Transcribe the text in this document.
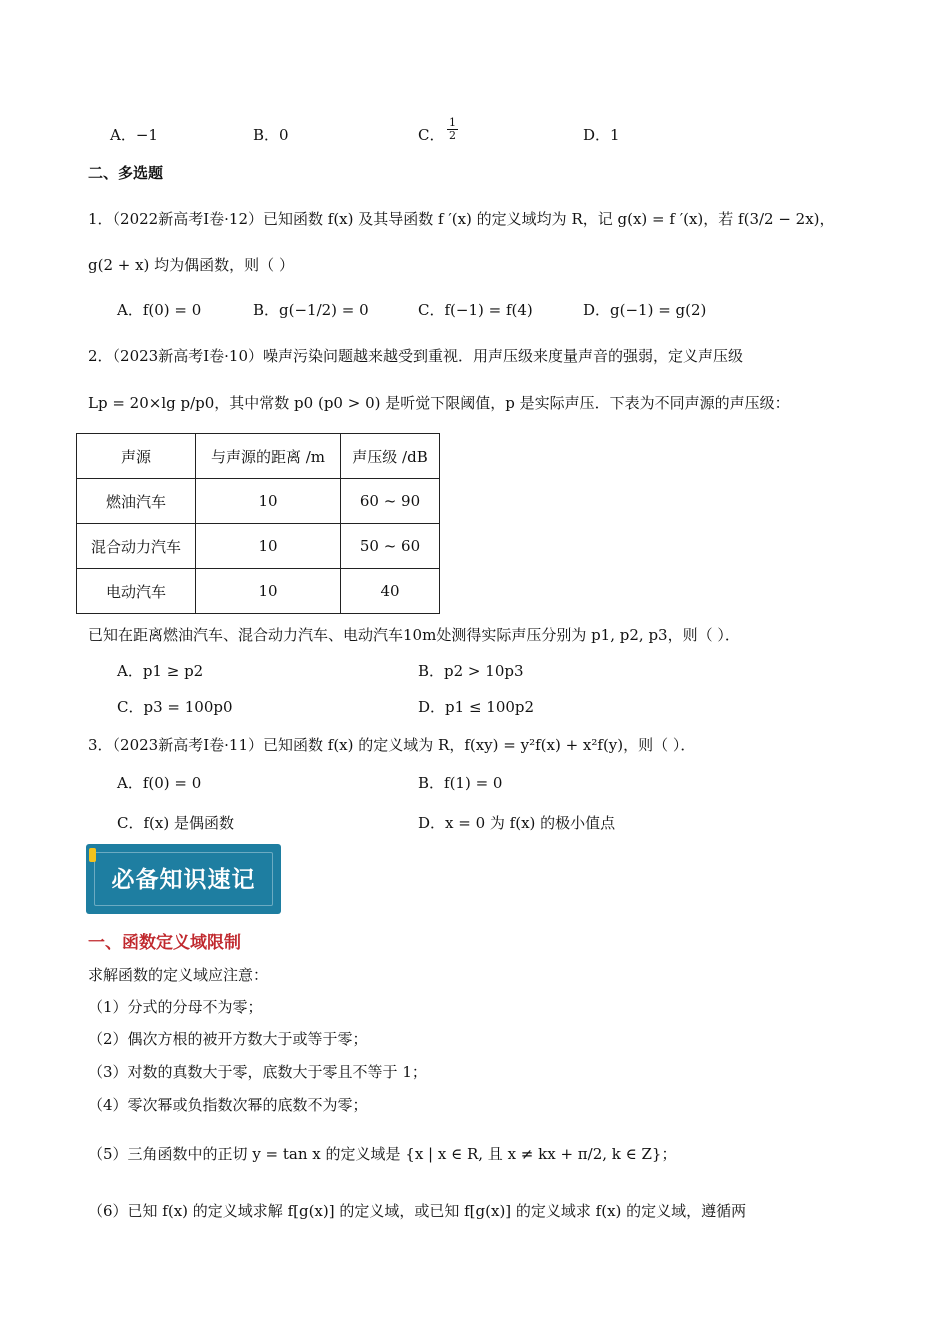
A．−1	B．0	C． $\frac{1}{2}$	D．1
二、多选题
1．（2022新高考Ⅰ卷·12）已知函数 f(x) 及其导函数 f ′(x) 的定义域均为 R，记 g(x) = f ′(x)，若 f(3/2 − 2x)，
g(2 + x) 均为偶函数，则（ ）
A．f(0) = 0	B．g(−1/2) = 0	C．f(−1) = f(4)	D．g(−1) = g(2)
2．（2023新高考Ⅰ卷·10）噪声污染问题越来越受到重视．用声压级来度量声音的强弱，定义声压级
Lp = 20×lg p/p0，其中常数 p0 (p0 > 0) 是听觉下限阈值，p 是实际声压．下表为不同声源的声压级：
声源	与声源的距离 /m	声压级 /dB
燃油汽车	10	60 ~ 90
混合动力汽车	10	50 ~ 60
电动汽车	10	40
已知在距离燃油汽车、混合动力汽车、电动汽车10m处测得实际声压分别为 p1, p2, p3，则（ ）．
A．p1 ≥ p2	B．p2 > 10p3
C．p3 = 100p0	D．p1 ≤ 100p2
3．（2023新高考Ⅰ卷·11）已知函数 f(x) 的定义域为 R，f(xy) = y²f(x) + x²f(y)，则（ ）．
A．f(0) = 0	B．f(1) = 0
C．f(x) 是偶函数	D．x = 0 为 f(x) 的极小值点
必备知识速记
一、函数定义域限制
求解函数的定义域应注意：
（1）分式的分母不为零；
（2）偶次方根的被开方数大于或等于零；
（3）对数的真数大于零，底数大于零且不等于 1；
（4）零次幂或负指数次幂的底数不为零；
（5）三角函数中的正切 y = tan x 的定义域是 {x | x ∈ R, 且 x ≠ kx + π/2, k ∈ Z}；
（6）已知 f(x) 的定义域求解 f[g(x)] 的定义域，或已知 f[g(x)] 的定义域求 f(x) 的定义域，遵循两
